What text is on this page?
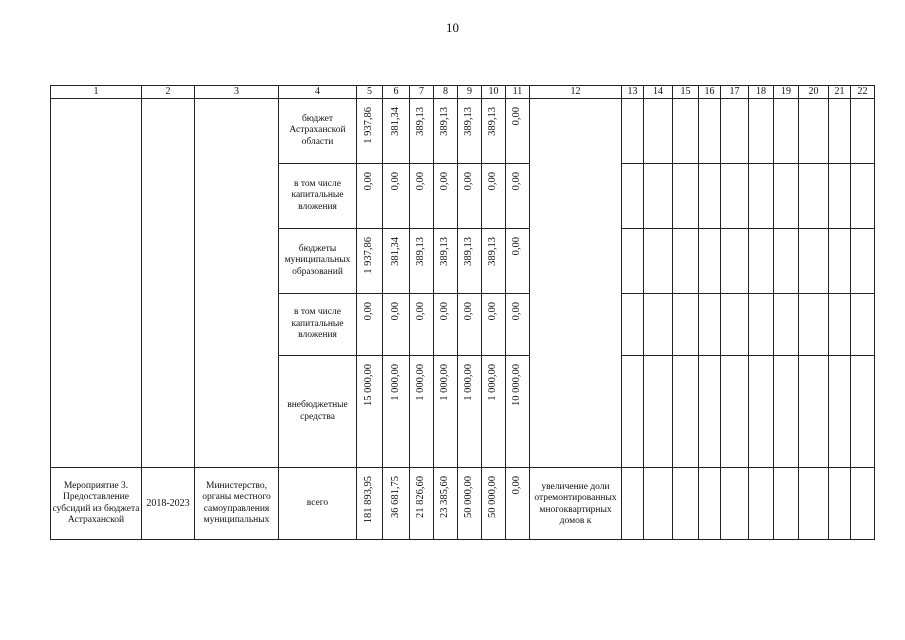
10
1	2	3	4	5	6	7	8	9	10	11	12	13	14	15	16	17	18	19	20	21	22
			бюджет Астраханской области	1 937,86	381,34	389,13	389,13	389,13	389,13	0,00											
			в том числе капитальные вложения	0,00	0,00	0,00	0,00	0,00	0,00	0,00											
			бюджеты муниципальных образований	1 937,86	381,34	389,13	389,13	389,13	389,13	0,00											
			в том числе капитальные вложения	0,00	0,00	0,00	0,00	0,00	0,00	0,00											
			внебюджетные средства	15 000,00	1 000,00	1 000,00	1 000,00	1 000,00	1 000,00	10 000,00											
Мероприятие 3. Предоставление субсидий из бюджета Астраханской	2018-2023	Министерство, органы местного самоуправления муниципальных	всего	181 893,95	36 681,75	21 826,60	23 385,60	50 000,00	50 000,00	0,00	увеличение доли отремонтированных многоквартирных домов к										
